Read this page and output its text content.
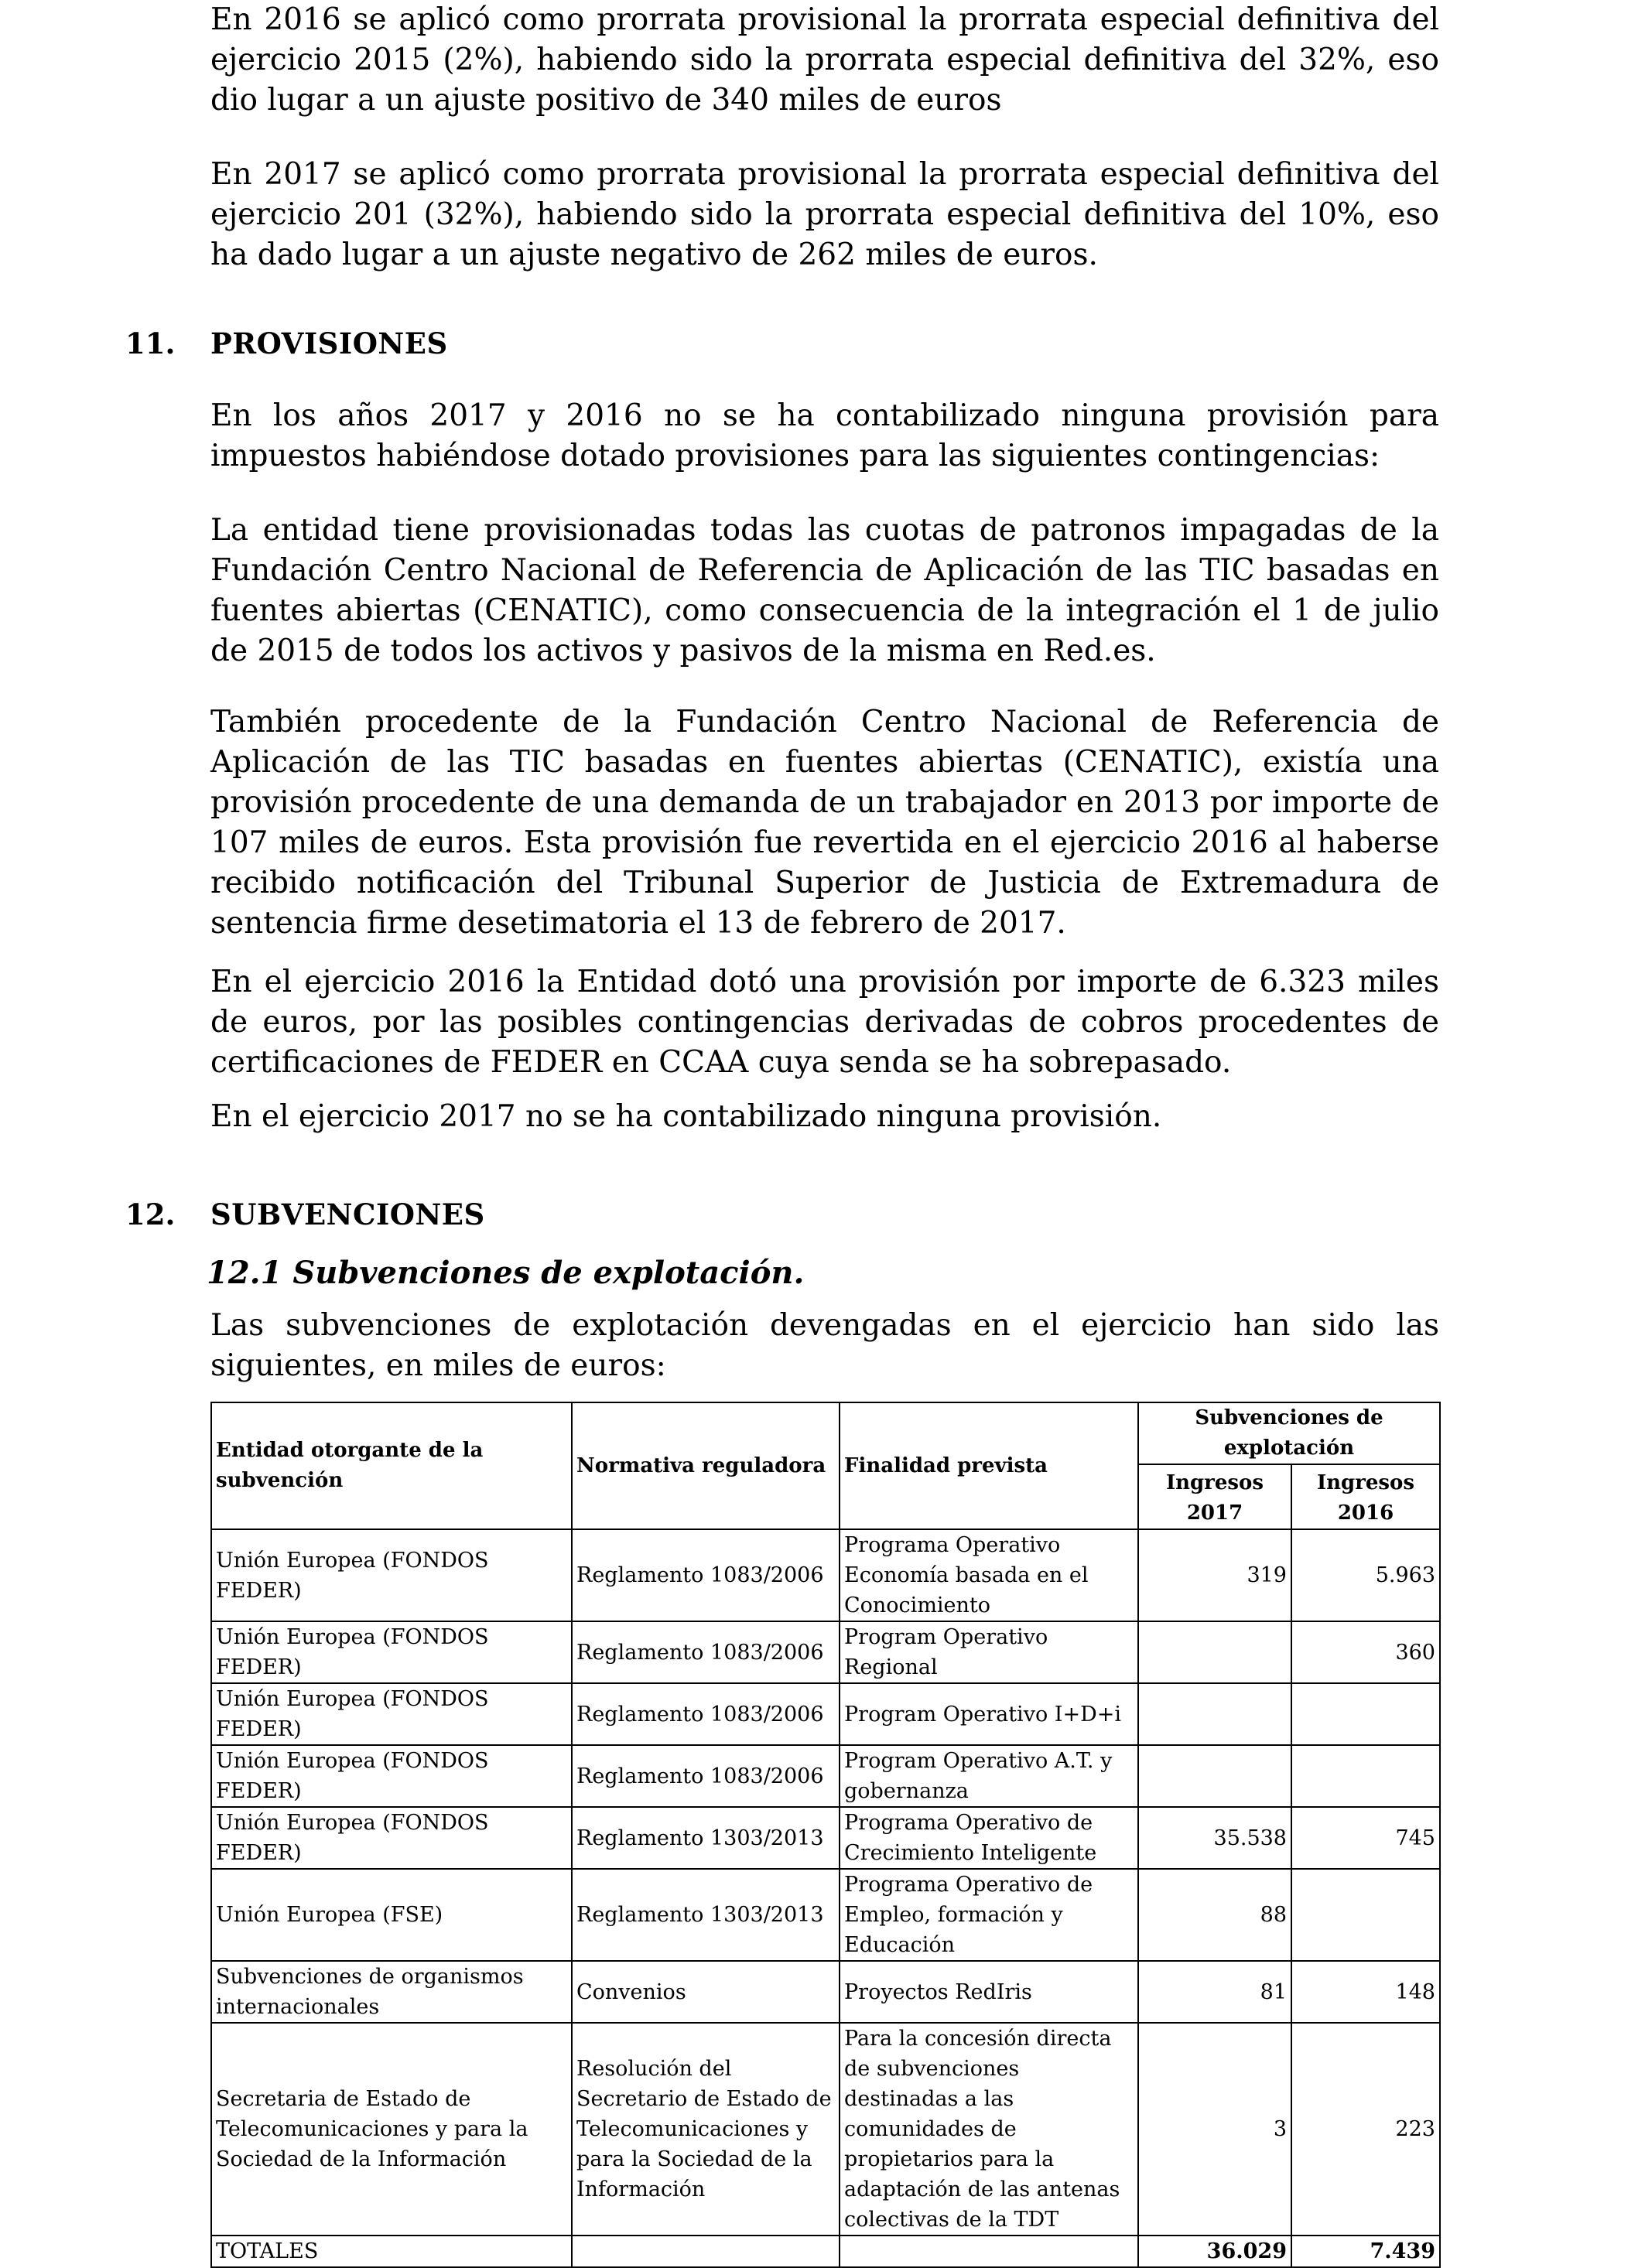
En 2016 se aplicó como prorrata provisional la prorrata especial definitiva del ejercicio 2015 (2%), habiendo sido la prorrata especial definitiva del 32%, eso dio lugar a un ajuste positivo de 340 miles de euros

En 2017 se aplicó como prorrata provisional la prorrata especial definitiva del ejercicio 201 (32%), habiendo sido la prorrata especial definitiva del 10%, eso ha dado lugar a un ajuste negativo de 262 miles de euros.

11. PROVISIONES

En los años 2017 y 2016 no se ha contabilizado ninguna provisión para impuestos habiéndose dotado provisiones para las siguientes contingencias:

La entidad tiene provisionadas todas las cuotas de patronos impagadas de la Fundación Centro Nacional de Referencia de Aplicación de las TIC basadas en fuentes abiertas (CENATIC), como consecuencia de la integración el 1 de julio de 2015 de todos los activos y pasivos de la misma en Red.es.

También procedente de la Fundación Centro Nacional de Referencia de Aplicación de las TIC basadas en fuentes abiertas (CENATIC), existía una provisión procedente de una demanda de un trabajador en 2013 por importe de 107 miles de euros. Esta provisión fue revertida en el ejercicio 2016 al haberse recibido notificación del Tribunal Superior de Justicia de Extremadura de sentencia firme desetimatoria el 13 de febrero de 2017.

En el ejercicio 2016 la Entidad dotó una provisión por importe de 6.323 miles de euros, por las posibles contingencias derivadas de cobros procedentes de certificaciones de FEDER en CCAA cuya senda se ha sobrepasado.

En el ejercicio 2017 no se ha contabilizado ninguna provisión.

12. SUBVENCIONES
12.1 Subvenciones de explotación.

Las subvenciones de explotación devengadas en el ejercicio han sido las siguientes, en miles de euros:

Entidad otorgante de la subvención	Normativa reguladora	Finalidad prevista	Subvenciones de explotación	
			Ingresos 2017	Ingresos 2016
Unión Europea (FONDOS FEDER)	Reglamento 1083/2006	Programa Operativo Economía basada en el Conocimiento	319	5.963
Unión Europea (FONDOS FEDER)	Reglamento 1083/2006	Program Operativo Regional		360
Unión Europea (FONDOS FEDER)	Reglamento 1083/2006	Program Operativo I+D+i		
Unión Europea (FONDOS FEDER)	Reglamento 1083/2006	Program Operativo A.T. y gobernanza		
Unión Europea (FONDOS FEDER)	Reglamento 1303/2013	Programa Operativo de Crecimiento Inteligente	35.538	745
Unión Europea (FSE)	Reglamento 1303/2013	Programa Operativo de Empleo, formación y Educación	88	
Subvenciones de organismos internacionales	Convenios	Proyectos RedIris	81	148
Secretaria de Estado de Telecomunicaciones y para la Sociedad de la Información	Resolución del Secretario de Estado de Telecomunicaciones y para la Sociedad de la Información	Para la concesión directa de subvenciones destinadas a las comunidades de propietarios para la adaptación de las antenas colectivas de la TDT	3	223
TOTALES			36.029	7.439
